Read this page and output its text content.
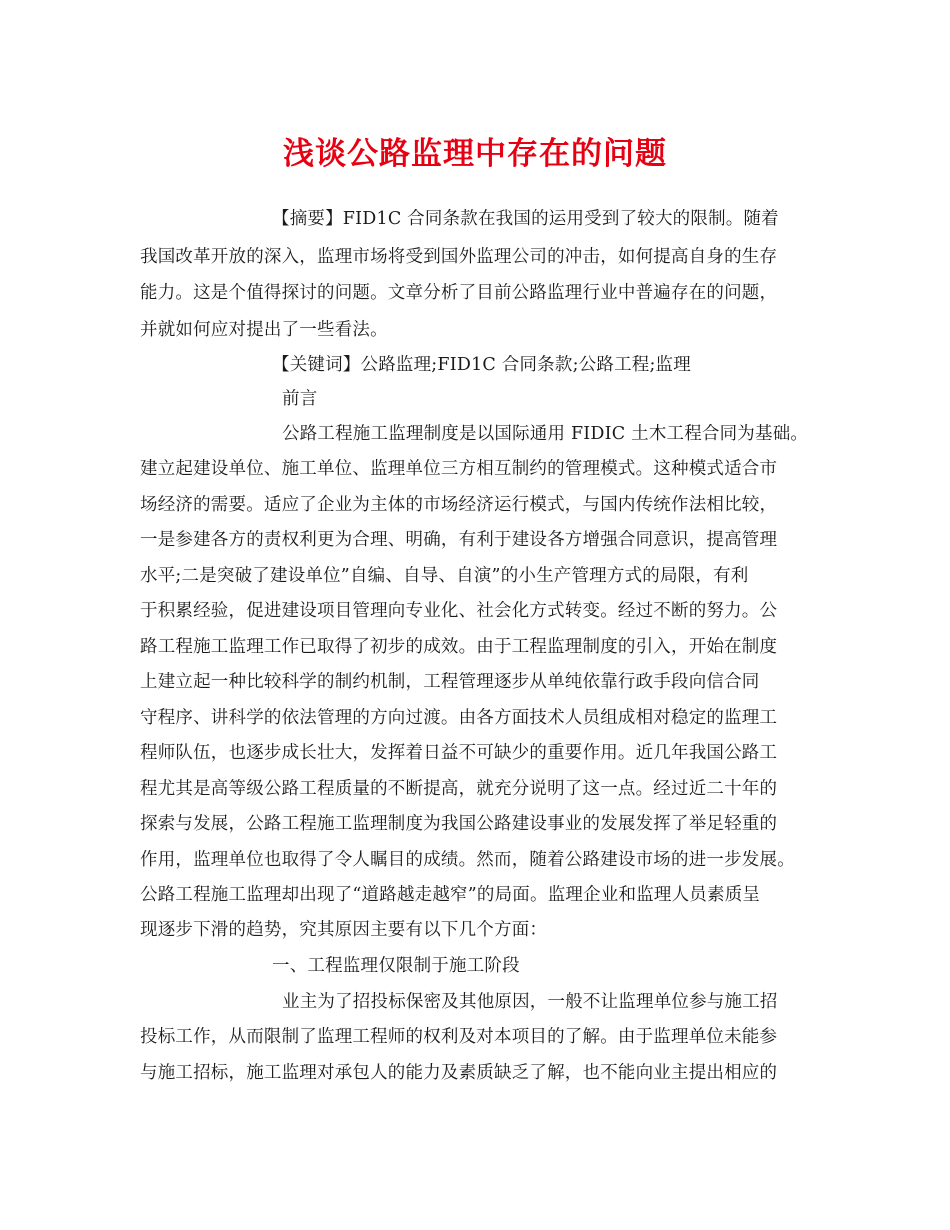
浅谈公路监理中存在的问题
【摘要】FID1C 合同条款在我国的运用受到了较大的限制。随着
我国改革开放的深入，监理市场将受到国外监理公司的冲击，如何提高自身的生存
能力。这是个值得探讨的问题。文章分析了目前公路监理行业中普遍存在的问题，
并就如何应对提出了一些看法。
【关键词】公路监理;FID1C 合同条款;公路工程;监理
前言
公路工程施工监理制度是以国际通用 FIDIC 土木工程合同为基础。
建立起建设单位、施工单位、监理单位三方相互制约的管理模式。这种模式适合市
场经济的需要。适应了企业为主体的市场经济运行模式，与国内传统作法相比较，
一是参建各方的责权利更为合理、明确，有利于建设各方增强合同意识，提高管理
水平;二是突破了建设单位”自编、自导、自演”的小生产管理方式的局限，有利
于积累经验，促进建设项目管理向专业化、社会化方式转变。经过不断的努力。公
路工程施工监理工作已取得了初步的成效。由于工程监理制度的引入，开始在制度
上建立起一种比较科学的制约机制，工程管理逐步从单纯依靠行政手段向信合同
守程序、讲科学的依法管理的方向过渡。由各方面技术人员组成相对稳定的监理工
程师队伍，也逐步成长壮大，发挥着日益不可缺少的重要作用。近几年我国公路工
程尤其是高等级公路工程质量的不断提高，就充分说明了这一点。经过近二十年的
探索与发展，公路工程施工监理制度为我国公路建设事业的发展发挥了举足轻重的
作用，监理单位也取得了令人瞩目的成绩。然而，随着公路建设市场的进一步发展。
公路工程施工监理却出现了“道路越走越窄”的局面。监理企业和监理人员素质呈
现逐步下滑的趋势，究其原因主要有以下几个方面：
一、工程监理仅限制于施工阶段
业主为了招投标保密及其他原因，一般不让监理单位参与施工招
投标工作，从而限制了监理工程师的权利及对本项目的了解。由于监理单位未能参
与施工招标，施工监理对承包人的能力及素质缺乏了解，也不能向业主提出相应的
